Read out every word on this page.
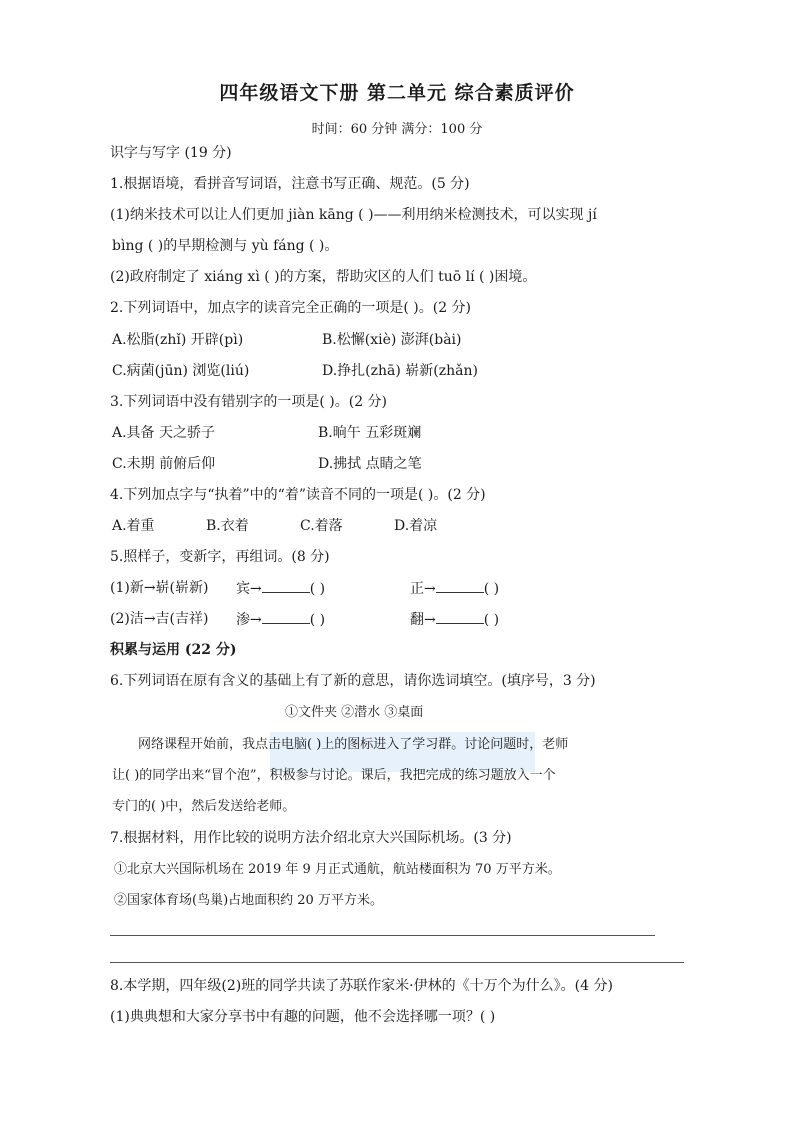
四年级语文下册 第二单元 综合素质评价
时间：60 分钟 满分：100 分
识字与写字 (19 分)
1.根据语境，看拼音写词语，注意书写正确、规范。(5 分)
(1)纳米技术可以让人们更加 jiàn kāng ( )——利用纳米检测技术，可以实现 jí
bìng ( )的早期检测与 yù fáng ( )。
(2)政府制定了 xiáng xì ( )的方案，帮助灾区的人们 tuō lí ( )困境。
2.下列词语中，加点字的读音完全正确的一项是( )。(2 分)
A.松脂(zhǐ) 开辟(pì)	B.松懈(xiè) 澎湃(bài)
C.病菌(jūn) 浏览(liú)	D.挣扎(zhā) 崭新(zhǎn)
3.下列词语中没有错别字的一项是( )。(2 分)
A.具备 天之骄子	B.晌午 五彩斑斓
C.未期 前俯后仰	D.拂拭 点睛之笔
4.下列加点字与“执着”中的“着”读音不同的一项是( )。(2 分)
A.着重	B.衣着	C.着落	D.着凉
5.照样子，变新字，再组词。(8 分)
(1)新→崭(崭新) 宾→	( )	正→	( )
(2)洁→吉(吉祥) 渗→	( )	翻→	( )
积累与运用 (22 分)
6.下列词语在原有含义的基础上有了新的意思，请你选词填空。(填序号，3 分)
①文件夹 ②潜水 ③桌面
网络课程开始前，我点击电脑( )上的图标进入了学习群。讨论问题时，老师
让( )的同学出来“冒个泡”，积极参与讨论。课后，我把完成的练习题放入一个
专门的( )中，然后发送给老师。
7.根据材料，用作比较的说明方法介绍北京大兴国际机场。(3 分)
①北京大兴国际机场在 2019 年 9 月正式通航，航站楼面积为 70 万平方米。
②国家体育场(鸟巢)占地面积约 20 万平方米。
8.本学期，四年级(2)班的同学共读了苏联作家米·伊林的《十万个为什么》。(4 分)
(1)典典想和大家分享书中有趣的问题，他不会选择哪一项？( )
